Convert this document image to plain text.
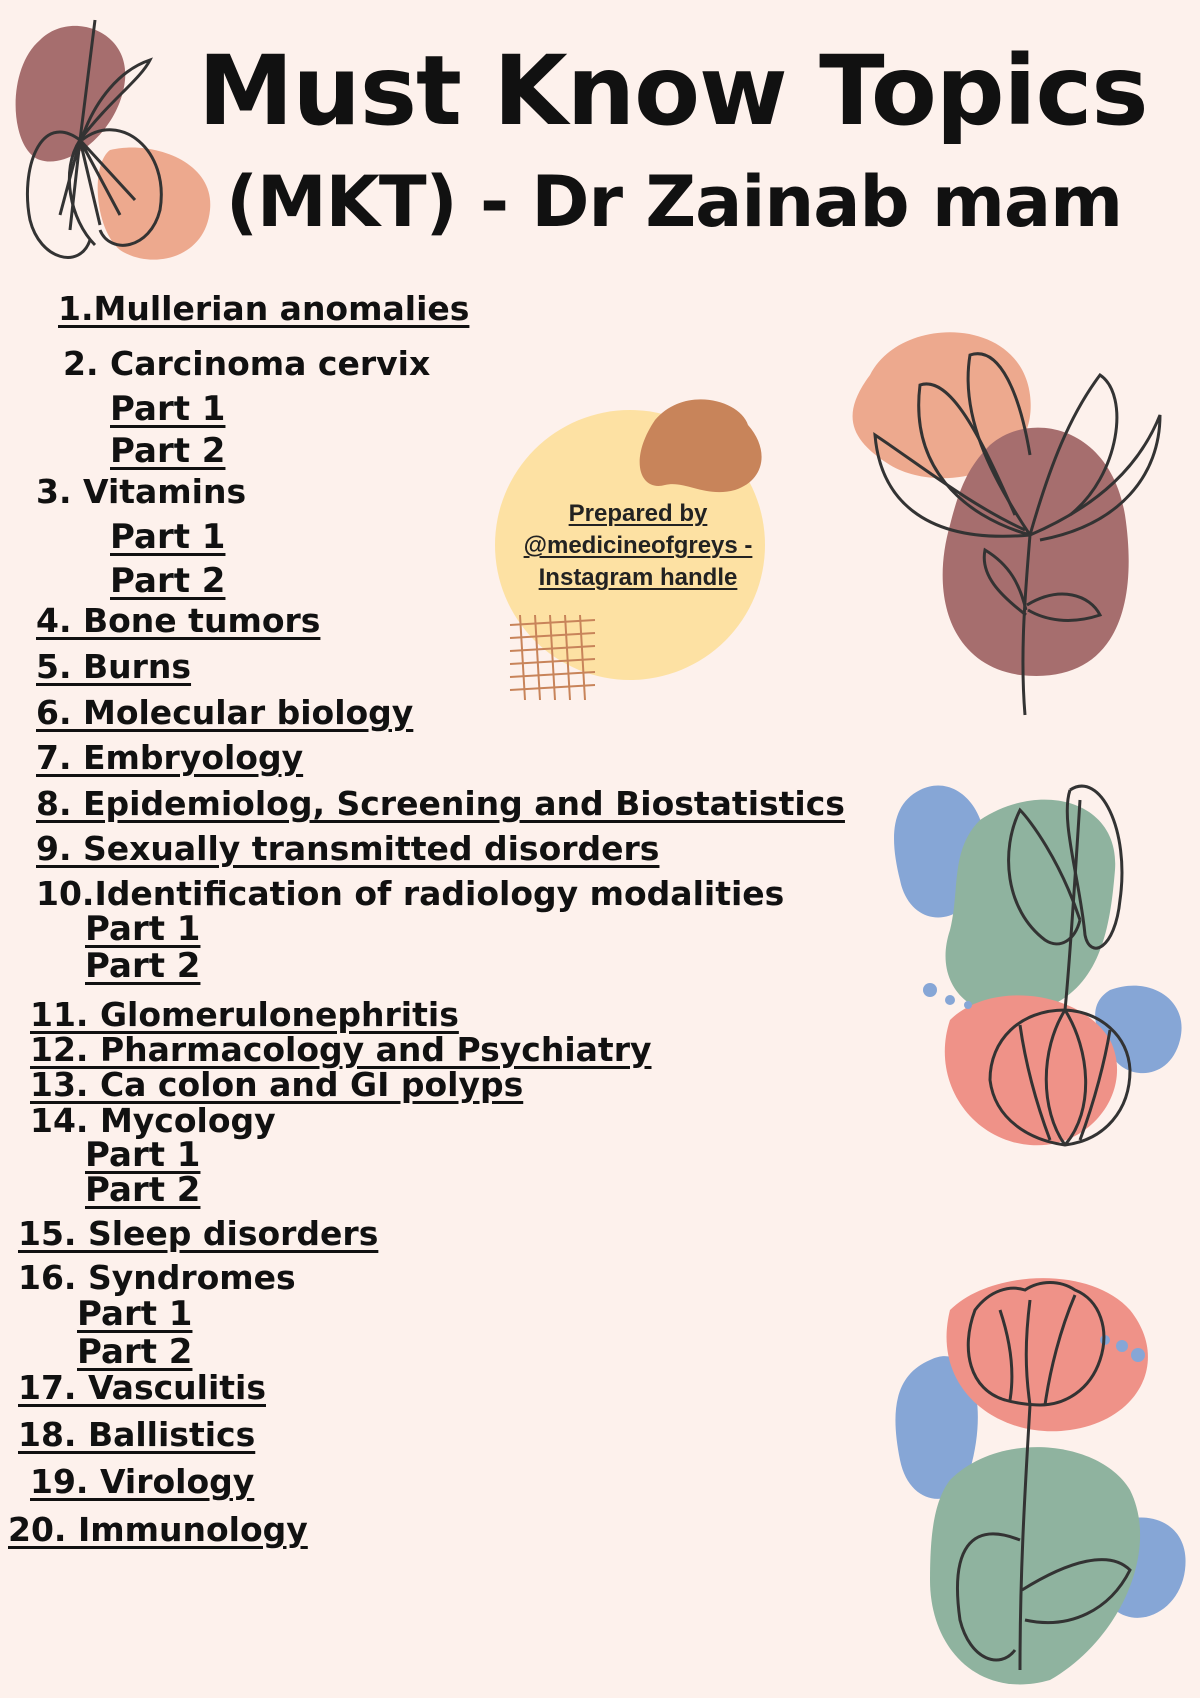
Must Know Topics
(MKT) - Dr Zainab mam
Prepared by
@medicineofgreys -
Instagram handle
1.Mullerian anomalies
2. Carcinoma cervix
Part 1
Part 2
3. Vitamins
Part 1
Part 2
4. Bone tumors
5. Burns
6. Molecular biology
7. Embryology
8. Epidemiolog, Screening and Biostatistics
9. Sexually transmitted disorders
10.Identification of radiology modalities
Part 1
Part 2
11. Glomerulonephritis
12. Pharmacology and Psychiatry
13. Ca colon and GI polyps
14. Mycology
Part 1
Part 2
15. Sleep disorders
16. Syndromes
Part 1
Part 2
17. Vasculitis
18. Ballistics
19. Virology
20. Immunology
